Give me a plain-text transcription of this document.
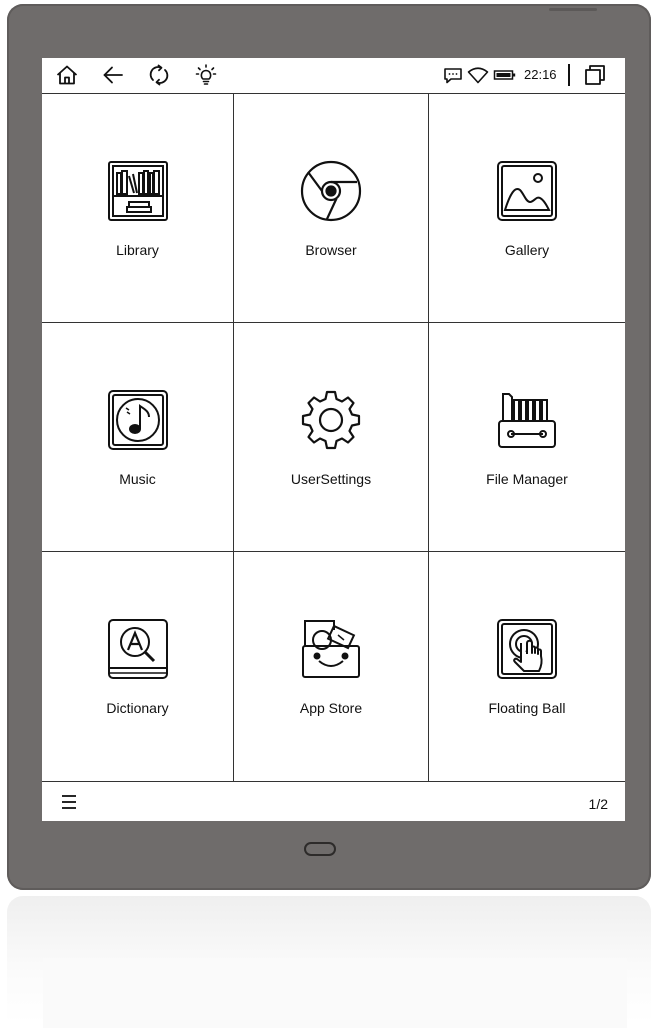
22:16
Library	Browser	Gallery
Music	UserSettings	File Manager
Dictionary	App Store	Floating Ball
1/2
